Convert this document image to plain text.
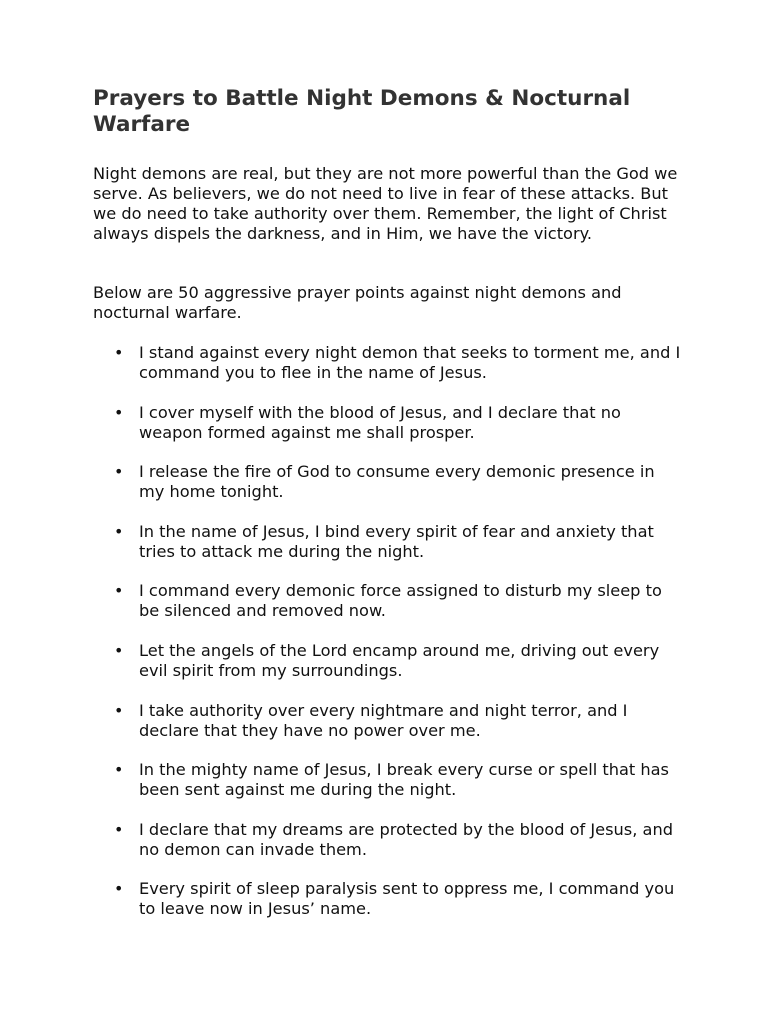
Prayers to Battle Night Demons & Nocturnal Warfare

Night demons are real, but they are not more powerful than the God we serve. As believers, we do not need to live in fear of these attacks. But we do need to take authority over them. Remember, the light of Christ always dispels the darkness, and in Him, we have the victory.

Below are 50 aggressive prayer points against night demons and nocturnal warfare.

• I stand against every night demon that seeks to torment me, and I command you to flee in the name of Jesus.
• I cover myself with the blood of Jesus, and I declare that no weapon formed against me shall prosper.
• I release the fire of God to consume every demonic presence in my home tonight.
• In the name of Jesus, I bind every spirit of fear and anxiety that tries to attack me during the night.
• I command every demonic force assigned to disturb my sleep to be silenced and removed now.
• Let the angels of the Lord encamp around me, driving out every evil spirit from my surroundings.
• I take authority over every nightmare and night terror, and I declare that they have no power over me.
• In the mighty name of Jesus, I break every curse or spell that has been sent against me during the night.
• I declare that my dreams are protected by the blood of Jesus, and no demon can invade them.
• Every spirit of sleep paralysis sent to oppress me, I command you to leave now in Jesus’ name.
